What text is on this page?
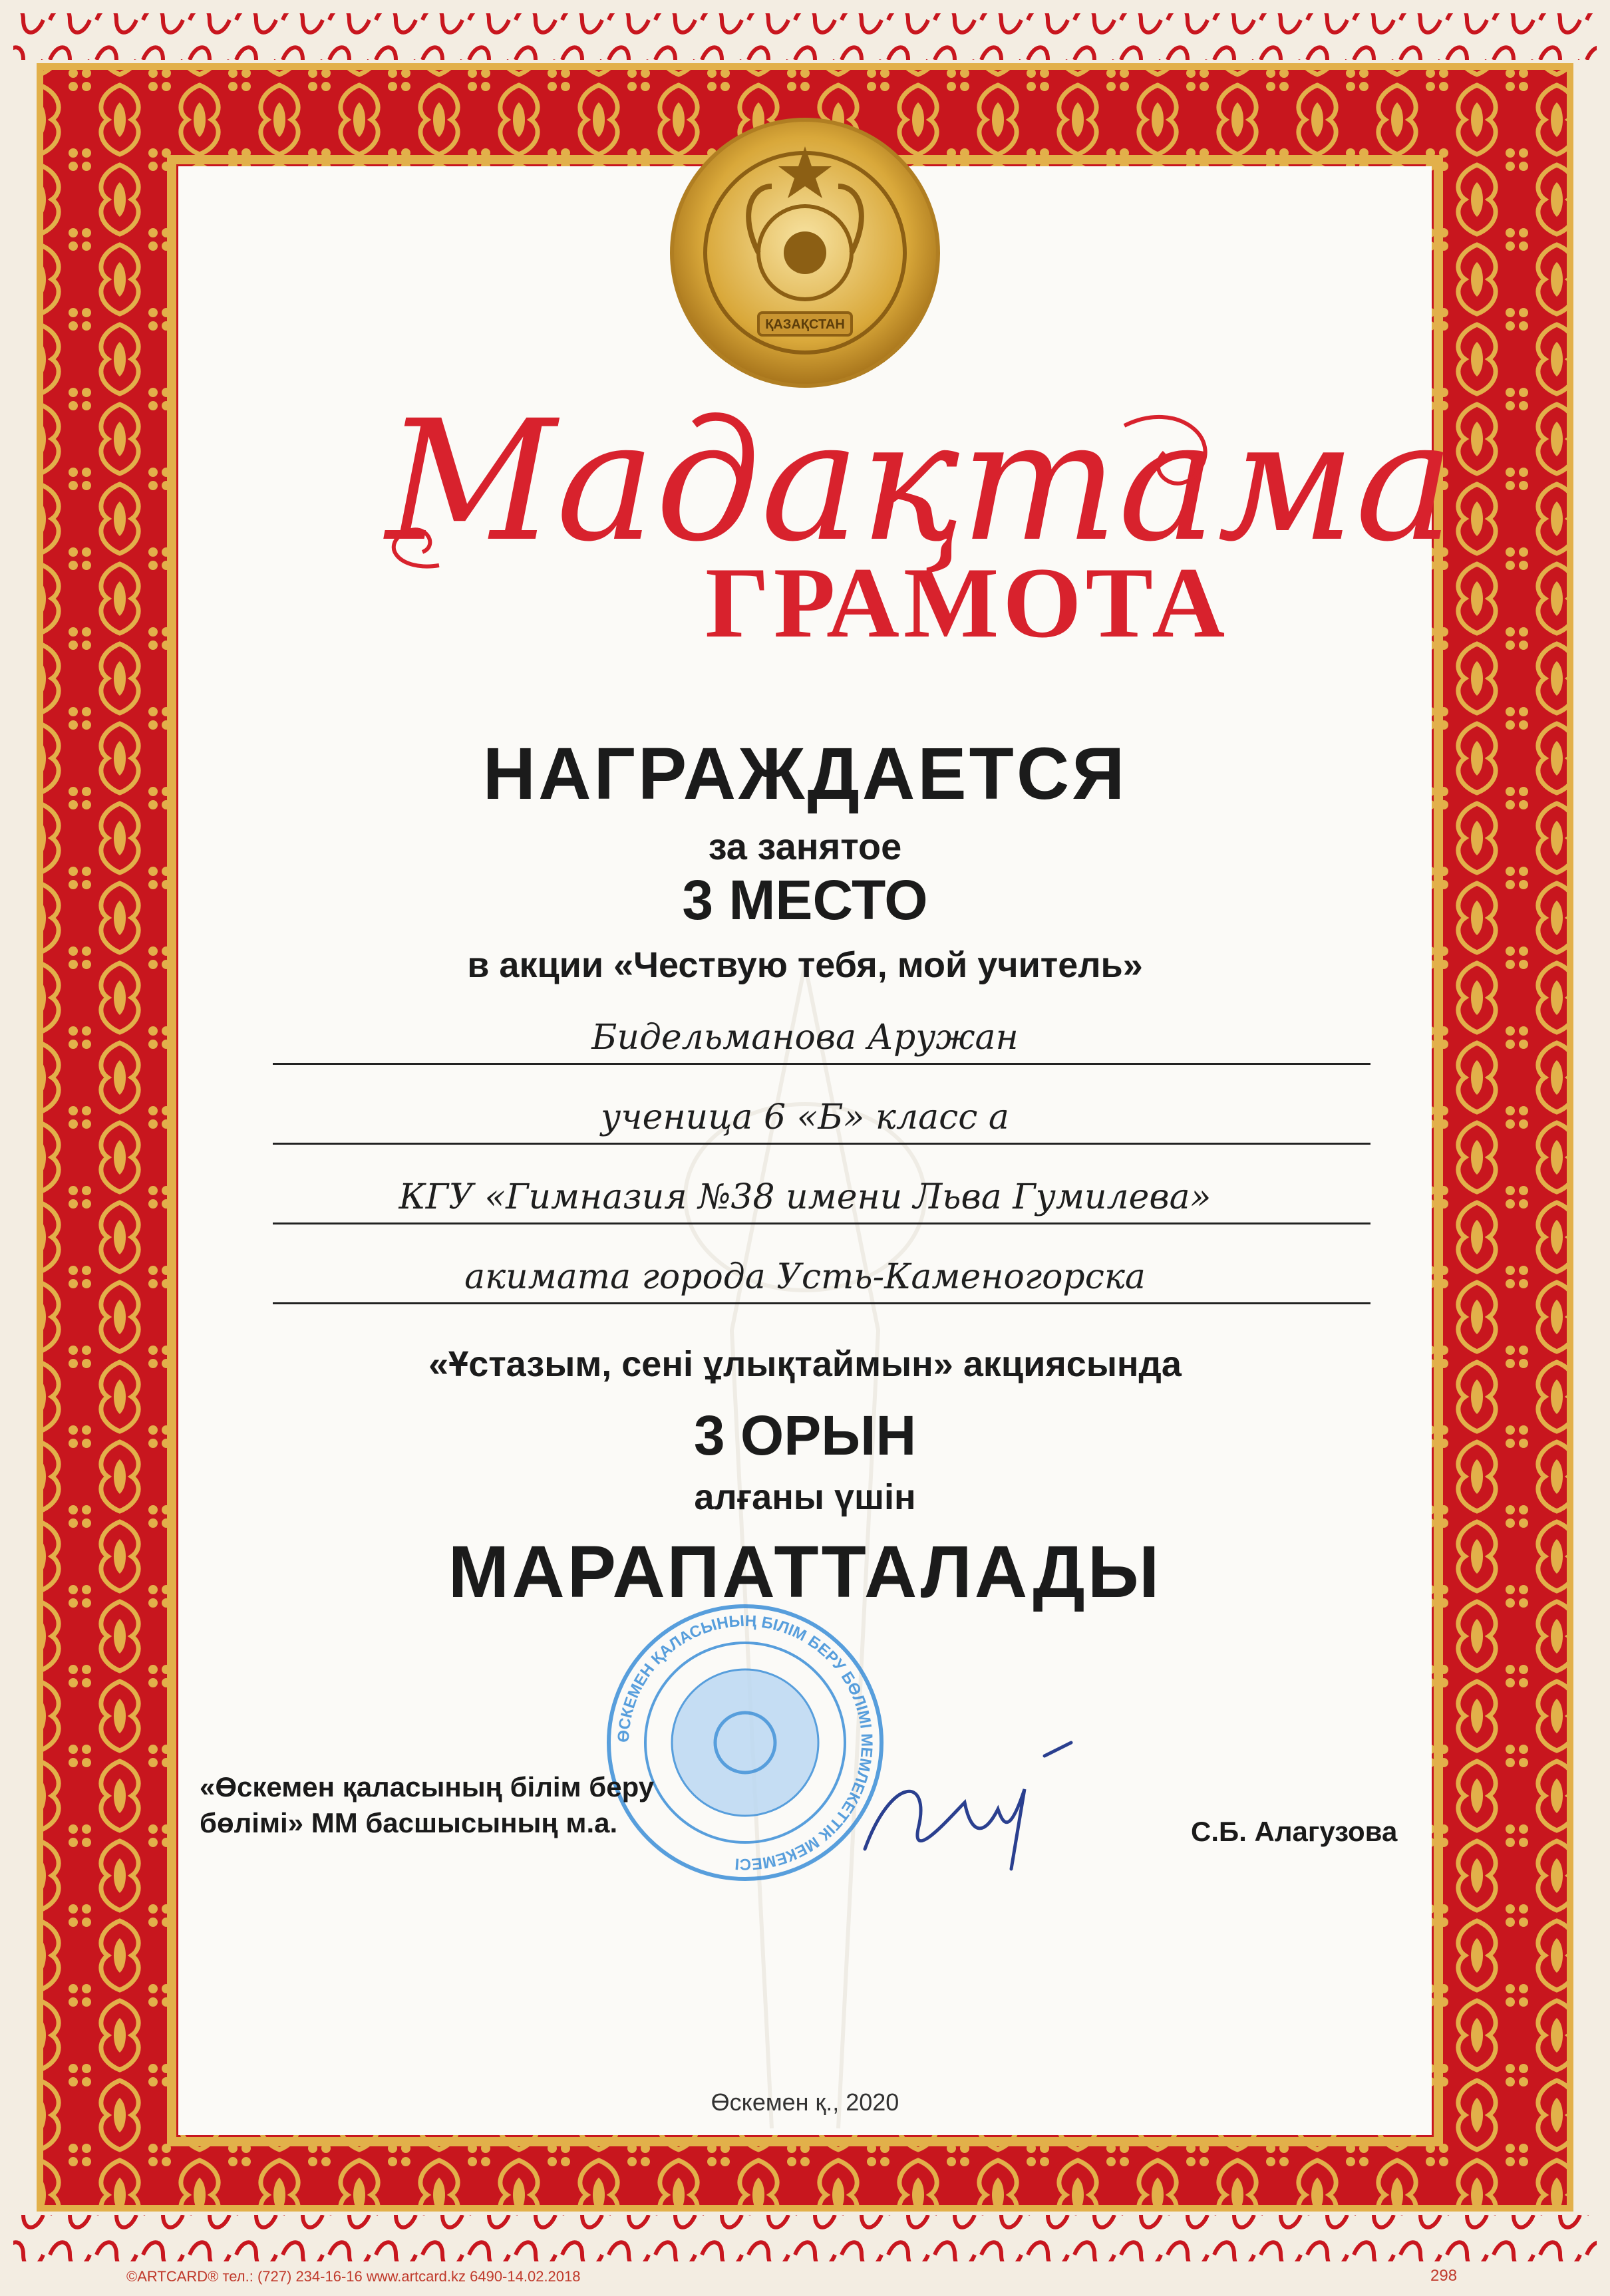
ҚАЗАҚСТАН
Мадақтама
ГРАМОТА
НАГРАЖДАЕТСЯ
за занятое
3 МЕСТО
в акции «Чествую тебя, мой учитель»
Бидельманова Аружан
ученица 6 «Б» класс а
КГУ «Гимназия №38 имени Льва Гумилева»
акимата города Усть-Каменогорска
«Ұстазым, сені ұлықтаймын» акциясында
3 ОРЫН
алғаны үшін
МАРАПАТТАЛАДЫ
ӨСКЕМЕН ҚАЛАСЫНЫҢ БІЛІМ БЕРУ БӨЛІМІ МЕМЛЕКЕТТІК МЕКЕМЕСІ
«Өскемен қаласының білім беру
бөлімі» ММ басшысының м.а.	С.Б. Алагузова
Өскемен қ., 2020
©ARTCARD® тел.: (727) 234-16-16 www.artcard.kz 6490-14.02.2018	298
